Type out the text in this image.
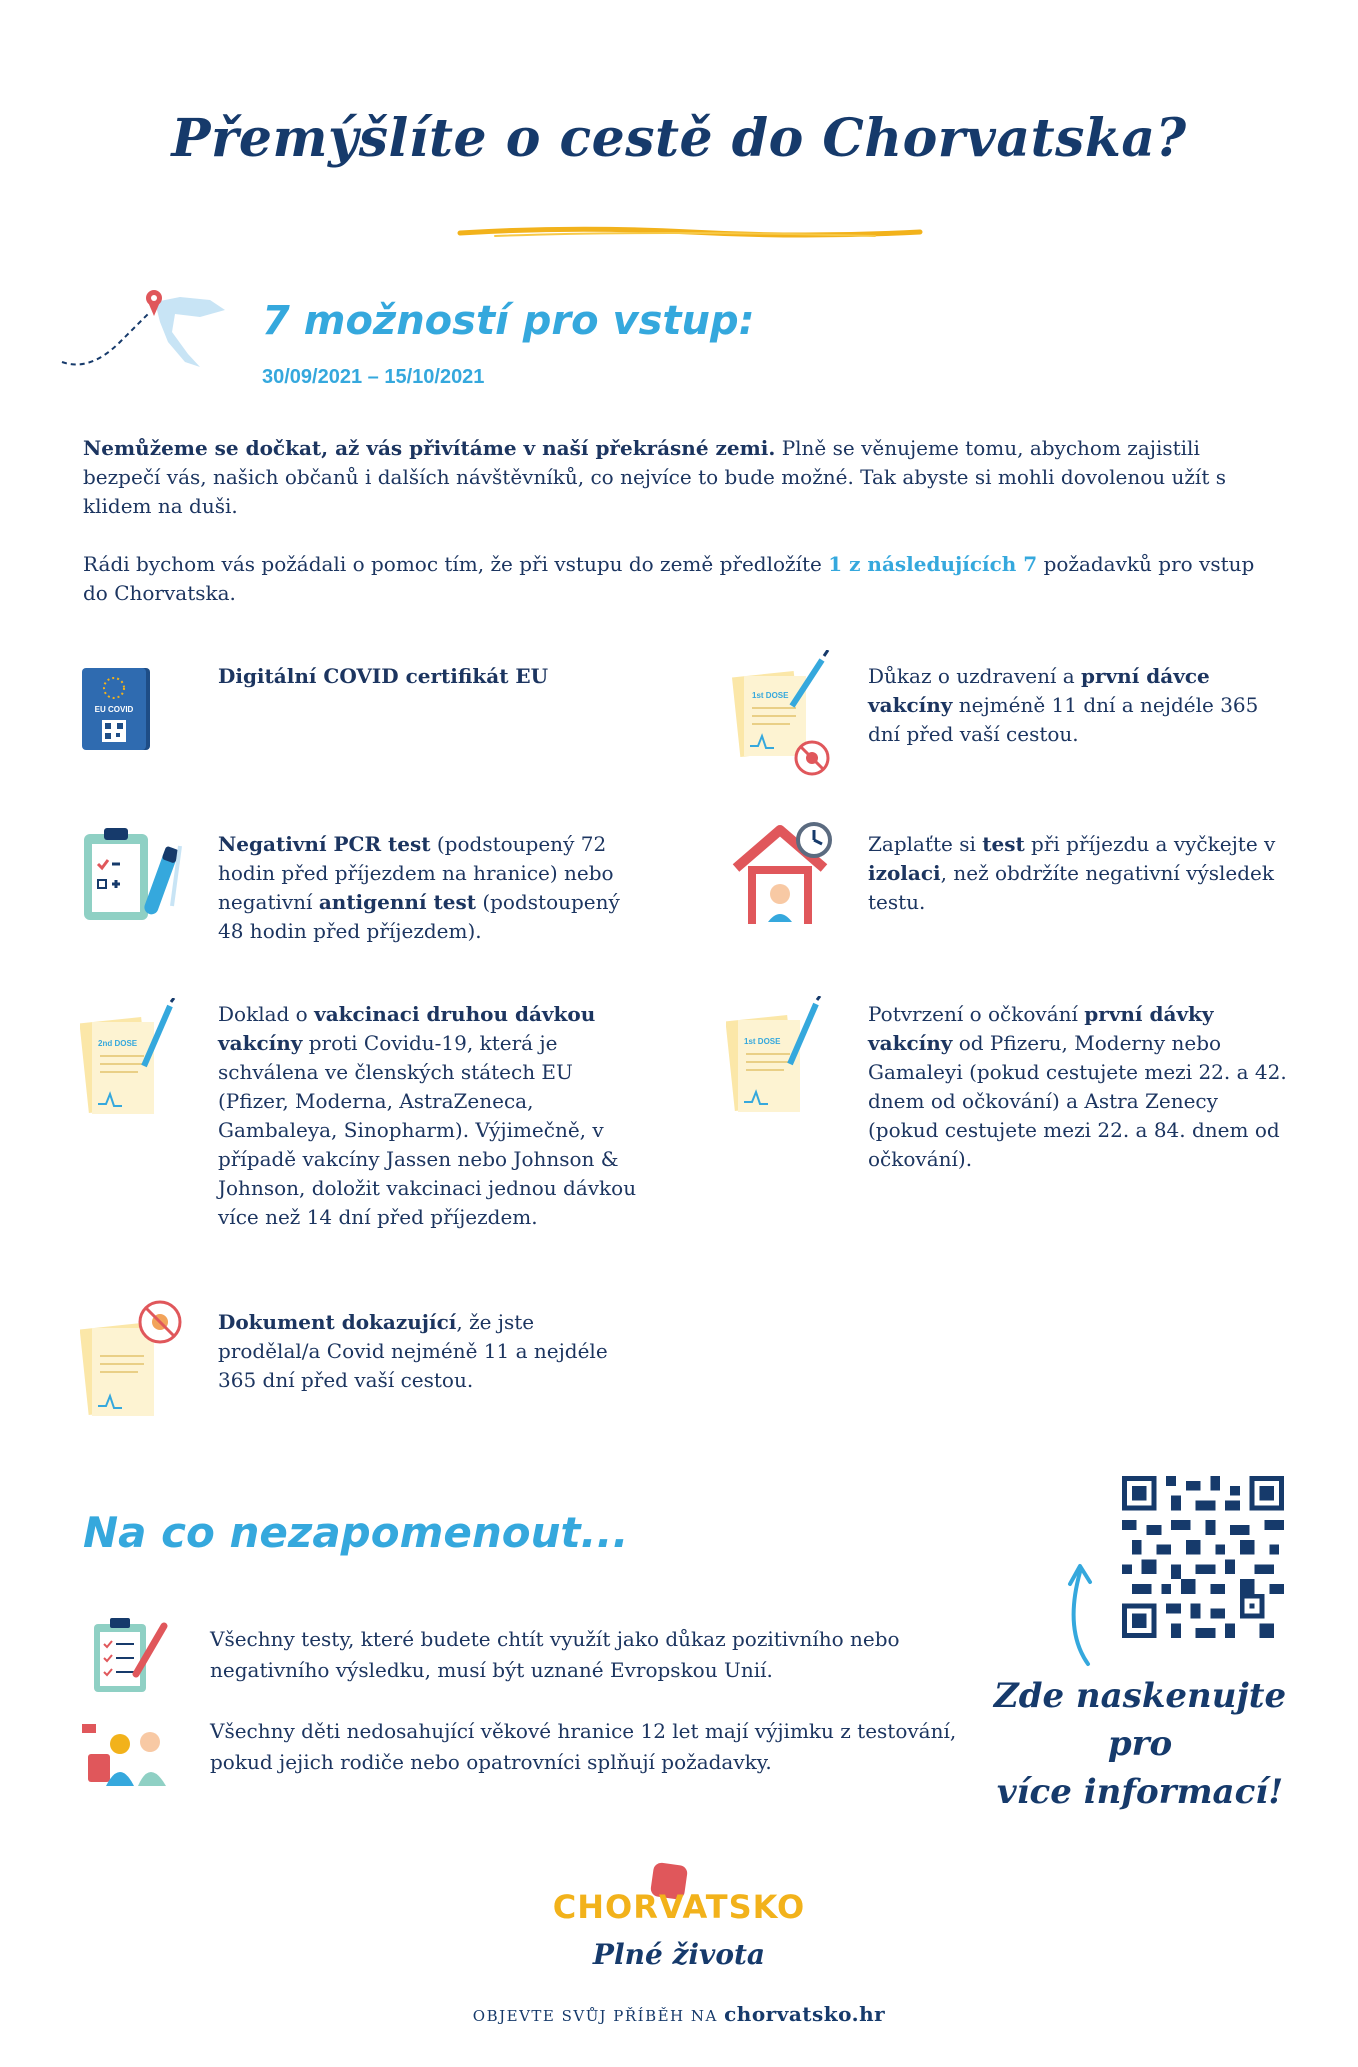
Přemýšlíte o cestě do Chorvatska?
7 možností pro vstup:
30/09/2021 – 15/10/2021
Nemůžeme se dočkat, až vás přivítáme v naší překrásné zemi. Plně se věnujeme tomu, abychom zajistili bezpečí vás, našich občanů i dalších návštěvníků, co nejvíce to bude možné. Tak abyste si mohli dovolenou užít s klidem na duši.
Rádi bychom vás požádali o pomoc tím, že při vstupu do země předložíte 1 z následujících 7 požadavků pro vstup do Chorvatska.
EU COVID
Digitální COVID certifikát EU
1st DOSE
Důkaz o uzdravení a první dávce vakcíny nejméně 11 dní a nejdéle 365 dní před vaší cestou.
Negativní PCR test (podstoupený 72 hodin před příjezdem na hranice) nebo negativní antigenní test (podstoupený 48 hodin před příjezdem).
Zaplaťte si test při příjezdu a vyčkejte v izolaci, než obdržíte negativní výsledek testu.
2nd DOSE
Doklad o vakcinaci druhou dávkou vakcíny proti Covidu-19, která je schválena ve členských státech EU (Pfizer, Moderna, AstraZeneca, Gambaleya, Sinopharm). Výjimečně, v případě vakcíny Jassen nebo Johnson & Johnson, doložit vakcinaci jednou dávkou více než 14 dní před příjezdem.
1st DOSE
Potvrzení o očkování první dávky vakcíny od Pfizeru, Moderny nebo Gamaleyi (pokud cestujete mezi 22. a 42. dnem od očkování) a Astra Zenecy (pokud cestujete mezi 22. a 84. dnem od očkování).
Dokument dokazující, že jste prodělal/a Covid nejméně 11 a nejdéle 365 dní před vaší cestou.
Na co nezapomenout...
Všechny testy, které budete chtít využít jako důkaz pozitivního nebo negativního výsledku, musí být uznané Evropskou Unií.
Všechny děti nedosahující věkové hranice 12 let mají výjimku z testování, pokud jejich rodiče nebo opatrovníci splňují požadavky.
Zde naskenujte pro
více informací!
CHORVATSKO
Plné života
OBJEVTE SVŮJ PŘÍBĚH NA chorvatsko.hr
